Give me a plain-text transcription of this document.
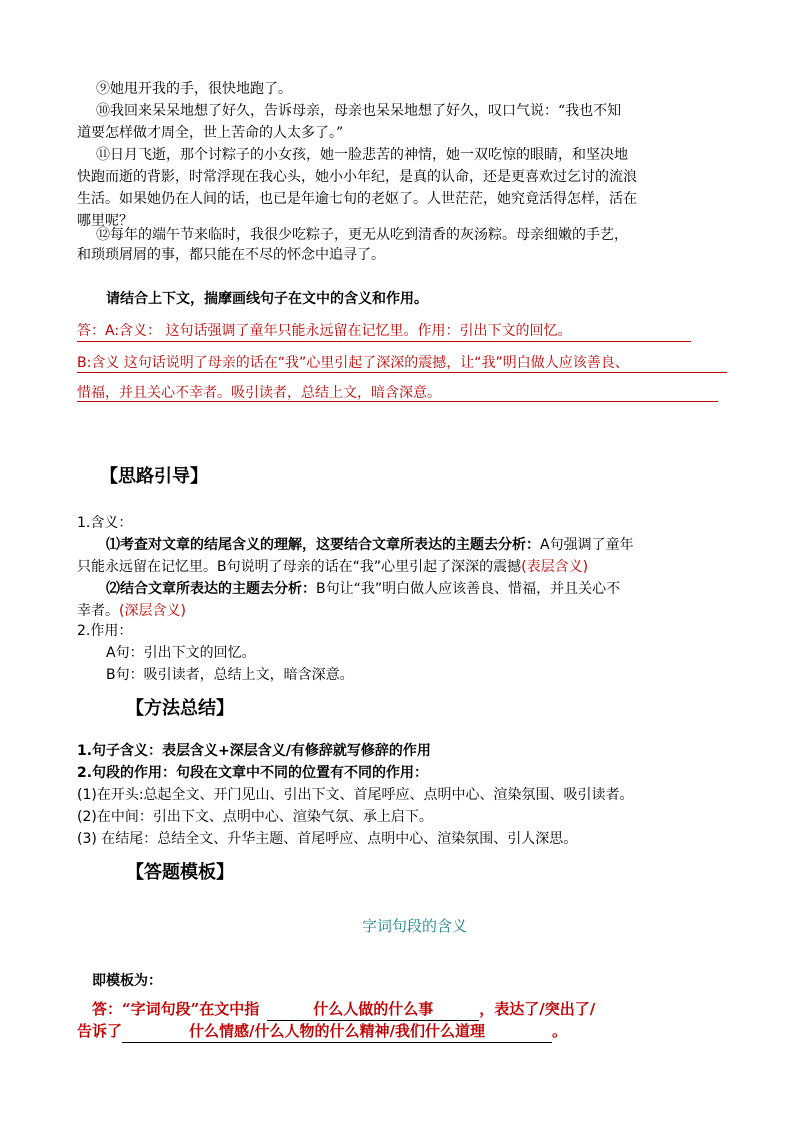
⑨她甩开我的手，很快地跑了。
⑩我回来呆呆地想了好久，告诉母亲，母亲也呆呆地想了好久，叹口气说：“我也不知
道要怎样做才周全，世上苦命的人太多了。”
⑪日月飞逝，那个讨粽子的小女孩，她一脸悲苦的神情，她一双吃惊的眼睛，和坚决地
快跑而逝的背影，时常浮现在我心头，她小小年纪，是真的认命，还是更喜欢过乞讨的流浪
生活。如果她仍在人间的话，也已是年逾七旬的老妪了。人世茫茫，她究竟活得怎样，活在
哪里呢？
⑫每年的端午节来临时，我很少吃粽子，更无从吃到清香的灰汤粽。母亲细嫩的手艺，
和琐琐屑屑的事，都只能在不尽的怀念中追寻了。
请结合上下文，揣摩画线句子在文中的含义和作用。
答：A:含义： 这句话强调了童年只能永远留在记忆里。作用：引出下文的回忆。
B:含义 这句话说明了母亲的话在“我”心里引起了深深的震撼，让“我”明白做人应该善良、
惜福，并且关心不幸者。吸引读者，总结上文，暗含深意。
【思路引导】
1.含义：
⑴考查对文章的结尾含义的理解，这要结合文章所表达的主题去分析：A句强调了童年
只能永远留在记忆里。B句说明了母亲的话在“我”心里引起了深深的震撼(表层含义)
⑵结合文章所表达的主题去分析：B句让“我”明白做人应该善良、惜福，并且关心不
幸者。(深层含义)
2.作用：
A句：引出下文的回忆。
B句：吸引读者，总结上文，暗含深意。
【方法总结】
1.句子含义：表层含义+深层含义/有修辞就写修辞的作用
2.句段的作用：句段在文章中不同的位置有不同的作用：
(1)在开头:总起全文、开门见山、引出下文、首尾呼应、点明中心、渲染氛围、吸引读者。
(2)在中间：引出下文、点明中心、渲染气氛、承上启下。
(3) 在结尾：总结全文、升华主题、首尾呼应、点明中心、渲染氛围、引人深思。
【答题模板】
字词句段的含义
即模板为：
答：“字词句段”在文中指	什么人做的什么事	，表达了/突出了/
告诉了	什么情感/什么人物的什么精神/我们什么道理	。
